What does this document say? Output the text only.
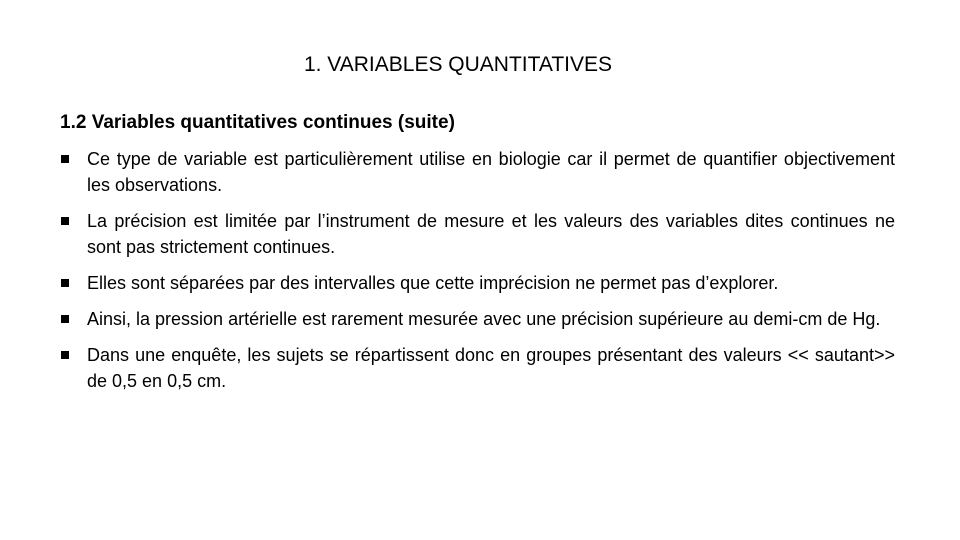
1. VARIABLES QUANTITATIVES
1.2 Variables quantitatives continues (suite)
Ce type de variable est particulièrement utilise en biologie car il permet de quantifier objectivement les observations.
La précision est limitée par l’instrument de mesure et les valeurs des variables dites continues ne sont pas strictement continues.
Elles sont séparées par des intervalles que cette imprécision ne permet pas d’explorer.
Ainsi, la pression artérielle est rarement mesurée avec une précision supérieure au demi-cm de Hg.
Dans une enquête, les sujets se répartissent donc en groupes présentant des valeurs << sautant>> de 0,5 en 0,5 cm.
